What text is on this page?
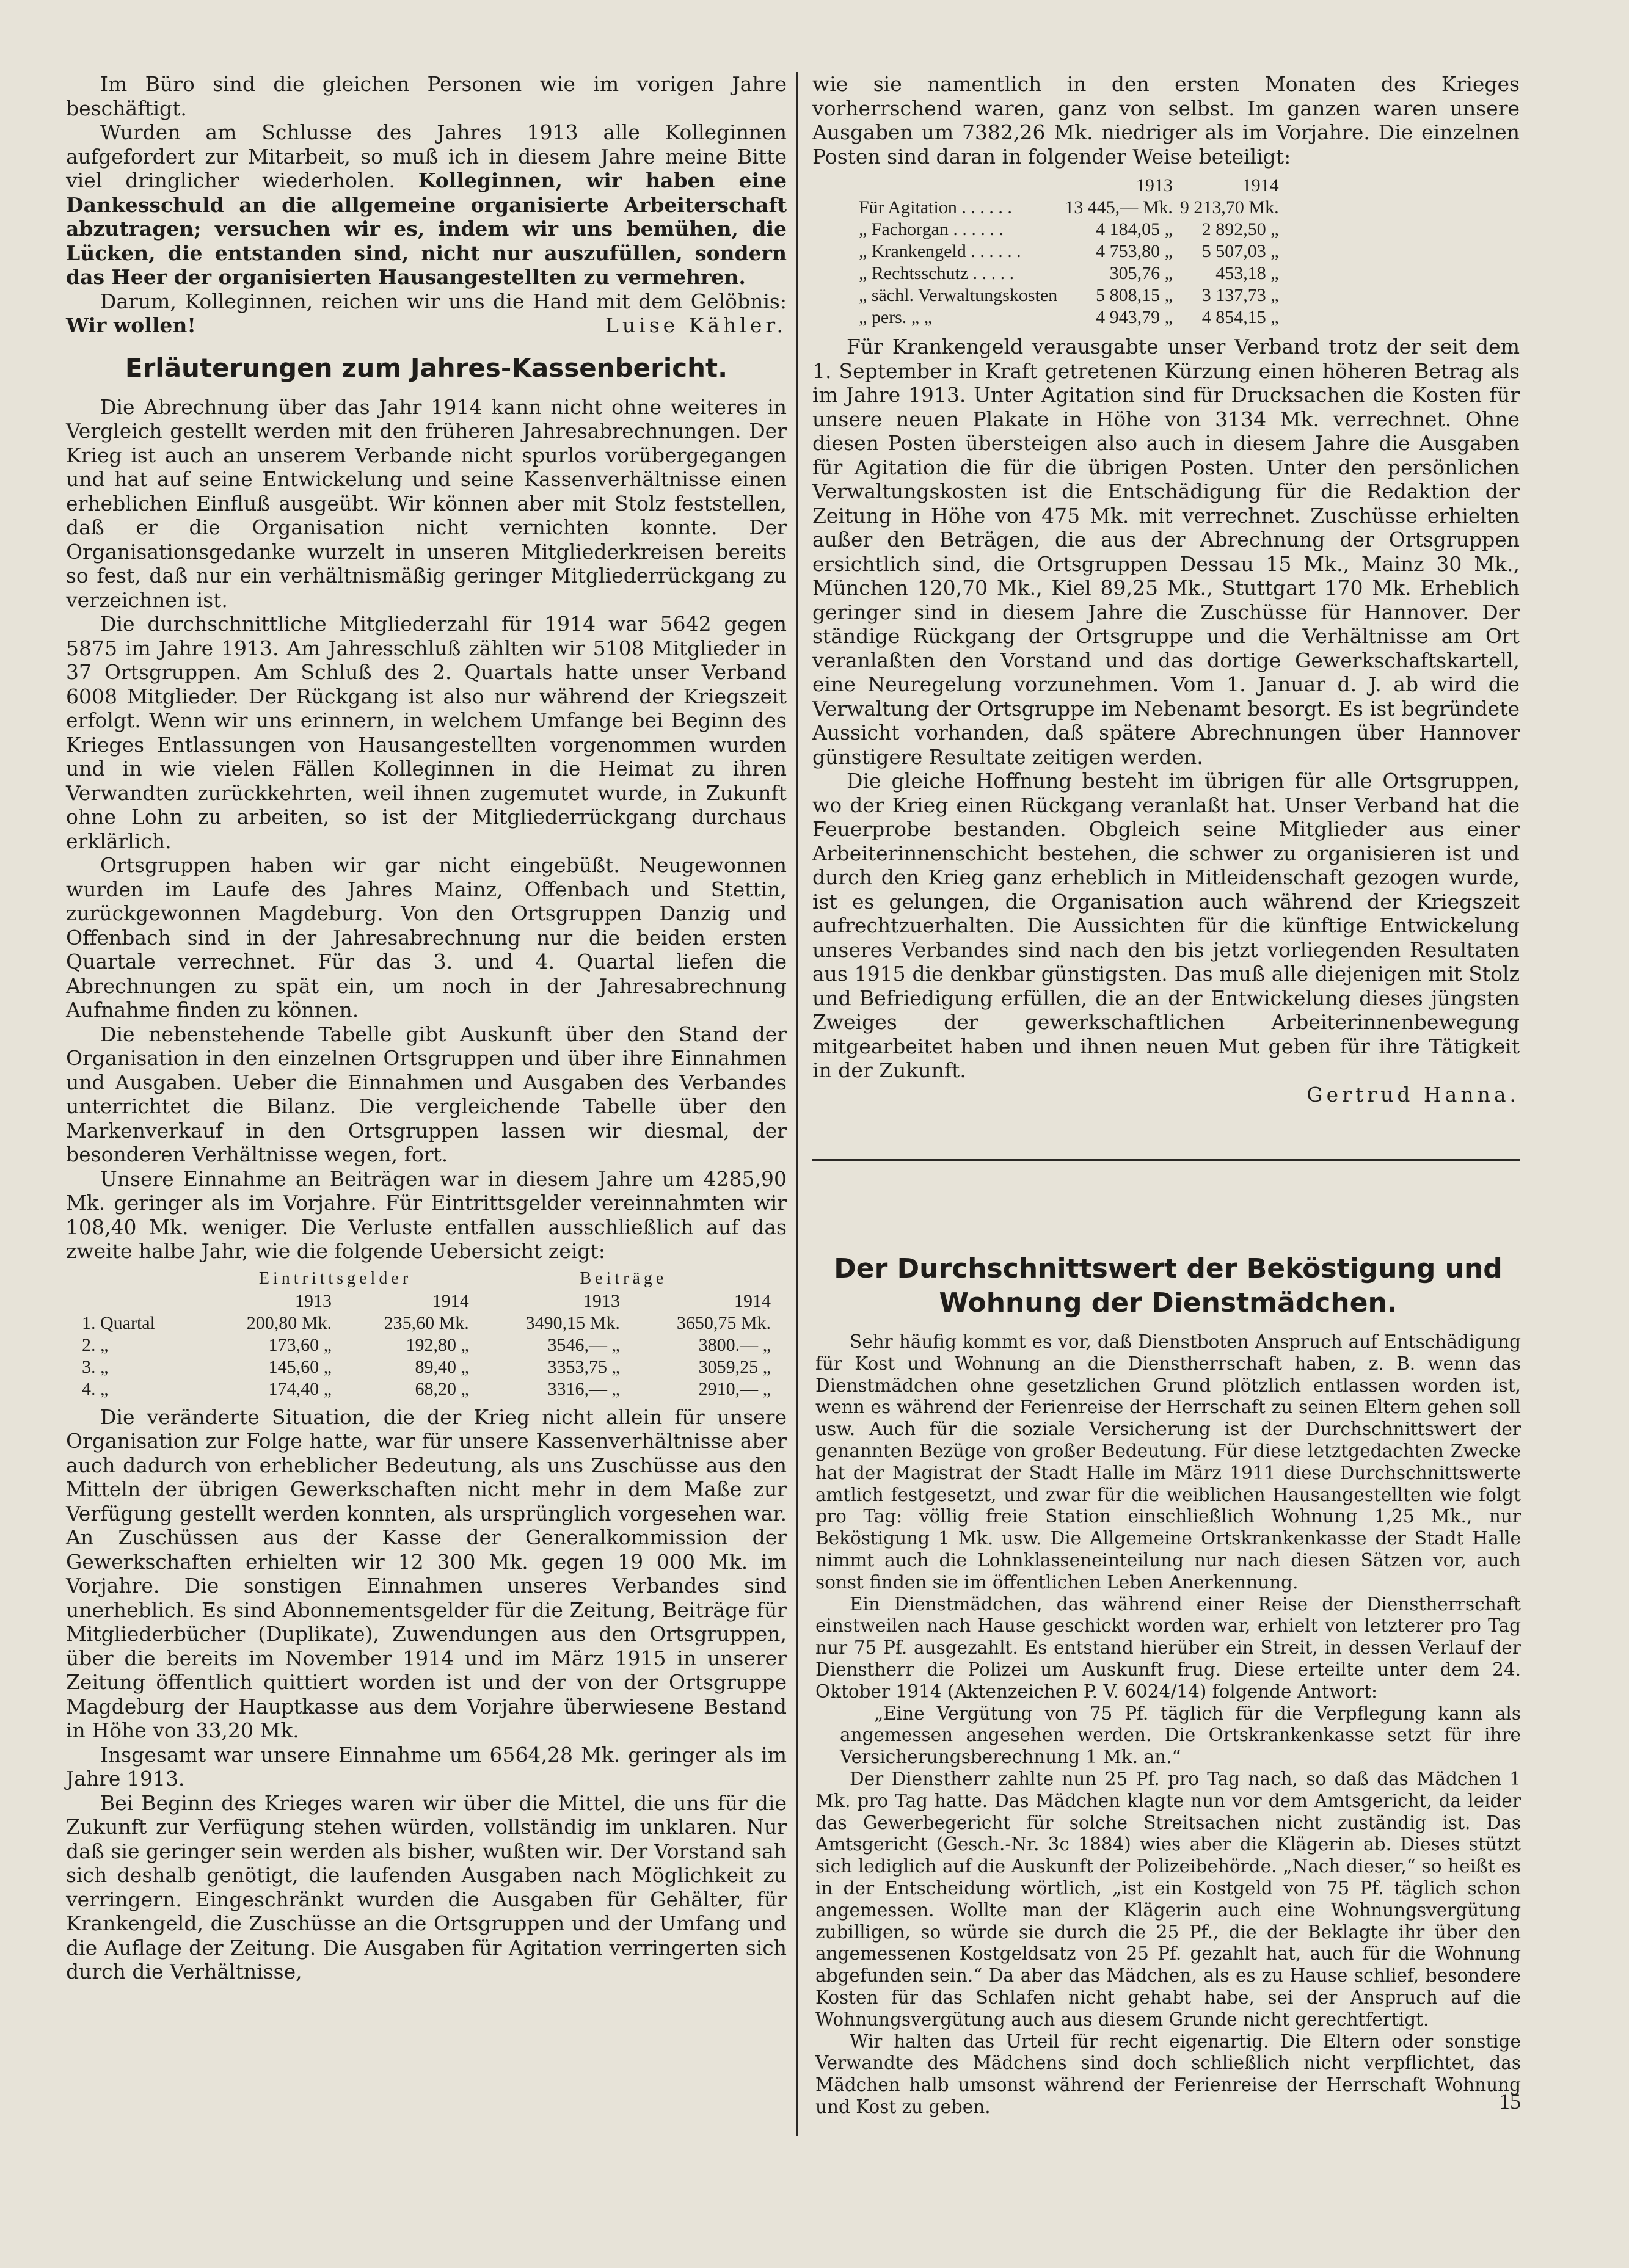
Im Büro sind die gleichen Personen wie im vorigen Jahre beschäftigt.

Wurden am Schlusse des Jahres 1913 alle Kolleginnen aufgefordert zur Mitarbeit, so muß ich in diesem Jahre meine Bitte viel dringlicher wiederholen. Kolleginnen, wir haben eine Dankesschuld an die allgemeine organisierte Arbeiterschaft abzutragen; versuchen wir es, indem wir uns bemühen, die Lücken, die entstanden sind, nicht nur auszufüllen, sondern das Heer der organisierten Hausangestellten zu vermehren.

Darum, Kolleginnen, reichen wir uns die Hand mit dem Gelöbnis: Wir wollen!	Luise Kähler.

Erläuterungen zum Jahres-Kassenbericht.

Die Abrechnung über das Jahr 1914 kann nicht ohne weiteres in Vergleich gestellt werden mit den früheren Jahresabrechnungen. Der Krieg ist auch an unserem Verbande nicht spurlos vorübergegangen und hat auf seine Entwickelung und seine Kassenverhältnisse einen erheblichen Einfluß ausgeübt. Wir können aber mit Stolz feststellen, daß er die Organisation nicht vernichten konnte. Der Organisationsgedanke wurzelt in unseren Mitgliederkreisen bereits so fest, daß nur ein verhältnismäßig geringer Mitgliederrückgang zu verzeichnen ist.

Die durchschnittliche Mitgliederzahl für 1914 war 5642 gegen 5875 im Jahre 1913. Am Jahresschluß zählten wir 5108 Mitglieder in 37 Ortsgruppen. Am Schluß des 2. Quartals hatte unser Verband 6008 Mitglieder. Der Rückgang ist also nur während der Kriegszeit erfolgt. Wenn wir uns erinnern, in welchem Umfange bei Beginn des Krieges Entlassungen von Hausangestellten vorgenommen wurden und in wie vielen Fällen Kolleginnen in die Heimat zu ihren Verwandten zurückkehrten, weil ihnen zugemutet wurde, in Zukunft ohne Lohn zu arbeiten, so ist der Mitgliederrückgang durchaus erklärlich.

Ortsgruppen haben wir gar nicht eingebüßt. Neugewonnen wurden im Laufe des Jahres Mainz, Offenbach und Stettin, zurückgewonnen Magdeburg. Von den Ortsgruppen Danzig und Offenbach sind in der Jahresabrechnung nur die beiden ersten Quartale verrechnet. Für das 3. und 4. Quartal liefen die Abrechnungen zu spät ein, um noch in der Jahresabrechnung Aufnahme finden zu können.

Die nebenstehende Tabelle gibt Auskunft über den Stand der Organisation in den einzelnen Ortsgruppen und über ihre Einnahmen und Ausgaben. Ueber die Einnahmen und Ausgaben des Verbandes unterrichtet die Bilanz. Die vergleichende Tabelle über den Markenverkauf in den Ortsgruppen lassen wir diesmal, der besonderen Verhältnisse wegen, fort.

Unsere Einnahme an Beiträgen war in diesem Jahre um 4285,90 Mk. geringer als im Vorjahre. Für Eintrittsgelder vereinnahmten wir 108,40 Mk. weniger. Die Verluste entfallen ausschließlich auf das zweite halbe Jahr, wie die folgende Uebersicht zeigt:

	Eintrittsgelder		Beiträge	
	1913	1914	1913	1914
1. Quartal	200,80 Mk.	235,60 Mk.	3490,15 Mk.	3650,75 Mk.
2. „	173,60 „	192,80 „	3546,— „	3800.— „
3. „	145,60 „	89,40 „	3353,75 „	3059,25 „
4. „	174,40 „	68,20 „	3316,— „	2910,— „

Die veränderte Situation, die der Krieg nicht allein für unsere Organisation zur Folge hatte, war für unsere Kassenverhältnisse aber auch dadurch von erheblicher Bedeutung, als uns Zuschüsse aus den Mitteln der übrigen Gewerkschaften nicht mehr in dem Maße zur Verfügung gestellt werden konnten, als ursprünglich vorgesehen war. An Zuschüssen aus der Kasse der Generalkommission der Gewerkschaften erhielten wir 12 300 Mk. gegen 19 000 Mk. im Vorjahre. Die sonstigen Einnahmen unseres Verbandes sind unerheblich. Es sind Abonnementsgelder für die Zeitung, Beiträge für Mitgliederbücher (Duplikate), Zuwendungen aus den Ortsgruppen, über die bereits im November 1914 und im März 1915 in unserer Zeitung öffentlich quittiert worden ist und der von der Ortsgruppe Magdeburg der Hauptkasse aus dem Vorjahre überwiesene Bestand in Höhe von 33,20 Mk.

Insgesamt war unsere Einnahme um 6564,28 Mk. geringer als im Jahre 1913.

Bei Beginn des Krieges waren wir über die Mittel, die uns für die Zukunft zur Verfügung stehen würden, vollständig im unklaren. Nur daß sie geringer sein werden als bisher, wußten wir. Der Vorstand sah sich deshalb genötigt, die laufenden Ausgaben nach Möglichkeit zu verringern. Eingeschränkt wurden die Ausgaben für Gehälter, für Krankengeld, die Zuschüsse an die Ortsgruppen und der Umfang und die Auflage der Zeitung. Die Ausgaben für Agitation verringerten sich durch die Verhältnisse,

wie sie namentlich in den ersten Monaten des Krieges vorherrschend waren, ganz von selbst. Im ganzen waren unsere Ausgaben um 7382,26 Mk. niedriger als im Vorjahre. Die einzelnen Posten sind daran in folgender Weise beteiligt:

	1913	1914
Für Agitation . . . . . .	13 445,— Mk.	9 213,70 Mk.
„ Fachorgan . . . . . .	4 184,05 „	2 892,50 „
„ Krankengeld . . . . . .	4 753,80 „	5 507,03 „
„ Rechtsschutz . . . . .	305,76 „	453,18 „
„ sächl. Verwaltungskosten	5 808,15 „	3 137,73 „
„ pers. „ „	4 943,79 „	4 854,15 „

Für Krankengeld verausgabte unser Verband trotz der seit dem 1. September in Kraft getretenen Kürzung einen höheren Betrag als im Jahre 1913. Unter Agitation sind für Drucksachen die Kosten für unsere neuen Plakate in Höhe von 3134 Mk. verrechnet. Ohne diesen Posten übersteigen also auch in diesem Jahre die Ausgaben für Agitation die für die übrigen Posten. Unter den persönlichen Verwaltungskosten ist die Entschädigung für die Redaktion der Zeitung in Höhe von 475 Mk. mit verrechnet. Zuschüsse erhielten außer den Beträgen, die aus der Abrechnung der Ortsgruppen ersichtlich sind, die Ortsgruppen Dessau 15 Mk., Mainz 30 Mk., München 120,70 Mk., Kiel 89,25 Mk., Stuttgart 170 Mk. Erheblich geringer sind in diesem Jahre die Zuschüsse für Hannover. Der ständige Rückgang der Ortsgruppe und die Verhältnisse am Ort veranlaßten den Vorstand und das dortige Gewerkschaftskartell, eine Neuregelung vorzunehmen. Vom 1. Januar d. J. ab wird die Verwaltung der Ortsgruppe im Nebenamt besorgt. Es ist begründete Aussicht vorhanden, daß spätere Abrechnungen über Hannover günstigere Resultate zeitigen werden.

Die gleiche Hoffnung besteht im übrigen für alle Ortsgruppen, wo der Krieg einen Rückgang veranlaßt hat. Unser Verband hat die Feuerprobe bestanden. Obgleich seine Mitglieder aus einer Arbeiterinnenschicht bestehen, die schwer zu organisieren ist und durch den Krieg ganz erheblich in Mitleidenschaft gezogen wurde, ist es gelungen, die Organisation auch während der Kriegszeit aufrechtzuerhalten. Die Aussichten für die künftige Entwickelung unseres Verbandes sind nach den bis jetzt vorliegenden Resultaten aus 1915 die denkbar günstigsten. Das muß alle diejenigen mit Stolz und Befriedigung erfüllen, die an der Entwickelung dieses jüngsten Zweiges der gewerkschaftlichen Arbeiterinnenbewegung mitgearbeitet haben und ihnen neuen Mut geben für ihre Tätigkeit in der Zukunft.

Gertrud Hanna.

Der Durchschnittswert der Beköstigung und Wohnung der Dienstmädchen.

Sehr häufig kommt es vor, daß Dienstboten Anspruch auf Entschädigung für Kost und Wohnung an die Dienstherrschaft haben, z. B. wenn das Dienstmädchen ohne gesetzlichen Grund plötzlich entlassen worden ist, wenn es während der Ferienreise der Herrschaft zu seinen Eltern gehen soll usw. Auch für die soziale Versicherung ist der Durchschnittswert der genannten Bezüge von großer Bedeutung. Für diese letztgedachten Zwecke hat der Magistrat der Stadt Halle im März 1911 diese Durchschnittswerte amtlich festgesetzt, und zwar für die weiblichen Hausangestellten wie folgt pro Tag: völlig freie Station einschließlich Wohnung 1,25 Mk., nur Beköstigung 1 Mk. usw. Die Allgemeine Ortskrankenkasse der Stadt Halle nimmt auch die Lohnklasseneinteilung nur nach diesen Sätzen vor, auch sonst finden sie im öffentlichen Leben Anerkennung.

Ein Dienstmädchen, das während einer Reise der Dienstherrschaft einstweilen nach Hause geschickt worden war, erhielt von letzterer pro Tag nur 75 Pf. ausgezahlt. Es entstand hierüber ein Streit, in dessen Verlauf der Dienstherr die Polizei um Auskunft frug. Diese erteilte unter dem 24. Oktober 1914 (Aktenzeichen P. V. 6024/14) folgende Antwort:

„Eine Vergütung von 75 Pf. täglich für die Verpflegung kann als angemessen angesehen werden. Die Ortskrankenkasse setzt für ihre Versicherungsberechnung 1 Mk. an.“

Der Dienstherr zahlte nun 25 Pf. pro Tag nach, so daß das Mädchen 1 Mk. pro Tag hatte. Das Mädchen klagte nun vor dem Amtsgericht, da leider das Gewerbegericht für solche Streitsachen nicht zuständig ist. Das Amtsgericht (Gesch.-Nr. 3c 1884) wies aber die Klägerin ab. Dieses stützt sich lediglich auf die Auskunft der Polizeibehörde. „Nach dieser,“ so heißt es in der Entscheidung wörtlich, „ist ein Kostgeld von 75 Pf. täglich schon angemessen. Wollte man der Klägerin auch eine Wohnungsvergütung zubilligen, so würde sie durch die 25 Pf., die der Beklagte ihr über den angemessenen Kostgeldsatz von 25 Pf. gezahlt hat, auch für die Wohnung abgefunden sein.“ Da aber das Mädchen, als es zu Hause schlief, besondere Kosten für das Schlafen nicht gehabt habe, sei der Anspruch auf die Wohnungsvergütung auch aus diesem Grunde nicht gerechtfertigt.

Wir halten das Urteil für recht eigenartig. Die Eltern oder sonstige Verwandte des Mädchens sind doch schließlich nicht verpflichtet, das Mädchen halb umsonst während der Ferienreise der Herrschaft Wohnung und Kost zu geben.	15
